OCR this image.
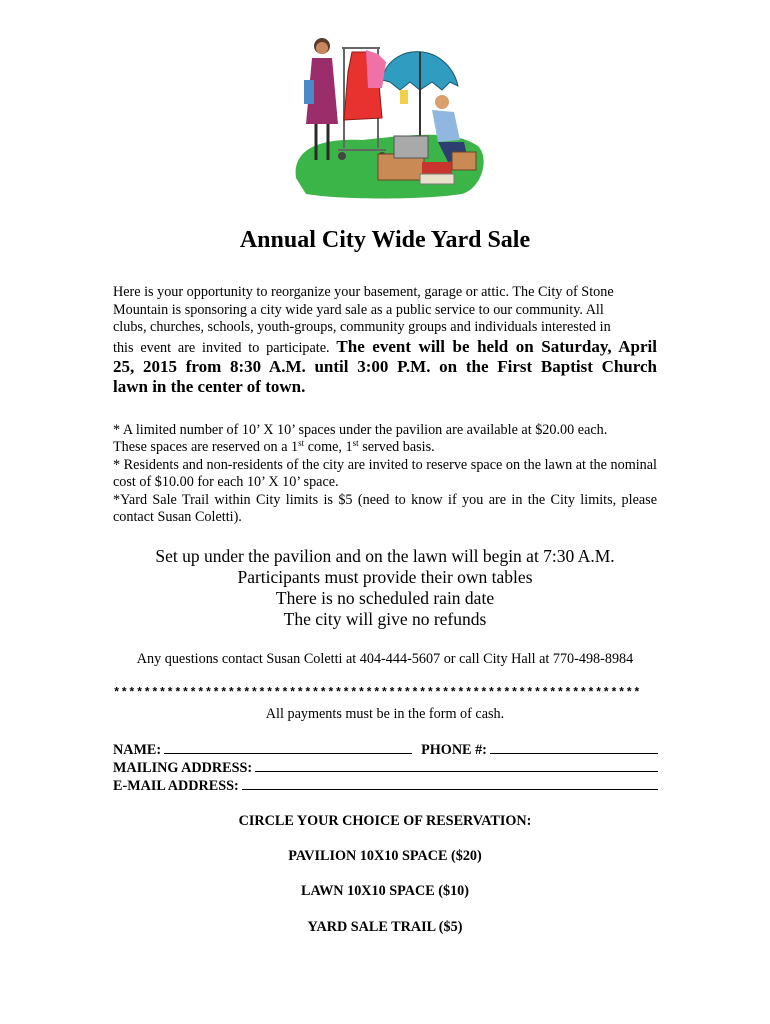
Annual City Wide Yard Sale
Here is your opportunity to reorganize your basement, garage or attic. The City of Stone
Mountain is sponsoring a city wide yard sale as a public service to our community. All
clubs, churches, schools, youth-groups, community groups and individuals interested in
this event are invited to participate. The event will be held on Saturday, April
25, 2015 from 8:30 A.M. until 3:00 P.M. on the First Baptist Church
lawn in the center of town.

* A limited number of 10’ X 10’ spaces under the pavilion are available at $20.00 each.
These spaces are reserved on a 1st come, 1st served basis.

* Residents and non-residents of the city are invited to reserve space on the lawn at the nominal cost of $10.00 for each 10’ X 10’ space.

*Yard Sale Trail within City limits is $5 (need to know if you are in the City limits, please contact Susan Coletti).

Set up under the pavilion and on the lawn will begin at 7:30 A.M.
Participants must provide their own tables
There is no scheduled rain date
The city will give no refunds
Any questions contact Susan Coletti at 404-444-5607 or call City Hall at 770-498-8984
*********************************************************************
All payments must be in the form of cash.
NAME:	PHONE #:
MAILING ADDRESS:
E-MAIL ADDRESS:
CIRCLE YOUR CHOICE OF RESERVATION:
PAVILION 10X10 SPACE ($20)
LAWN 10X10 SPACE ($10)
YARD SALE TRAIL ($5)
